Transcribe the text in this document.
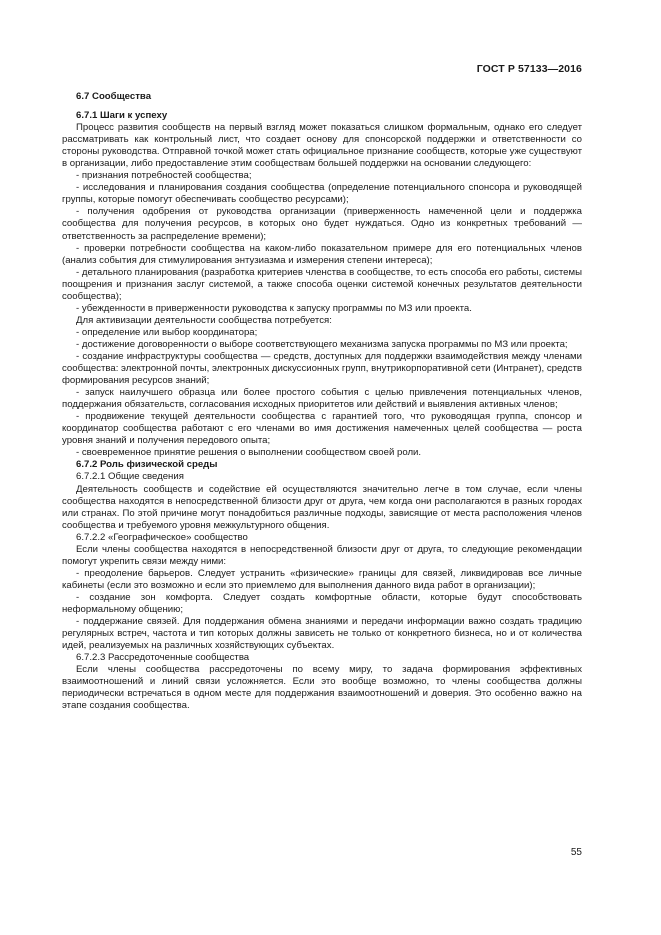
ГОСТ Р 57133—2016

6.7 Сообщества

6.7.1 Шаги к успеху

Процесс развития сообществ на первый взгляд может показаться слишком формальным, однако его следует рассматривать как контрольный лист, что создает основу для спонсорской поддержки и ответственности со стороны руководства. Отправной точкой может стать официальное признание сообществ, которые уже существуют в организации, либо предоставление этим сообществам большей поддержки на основании следующего:

- признания потребностей сообщества;

- исследования и планирования создания сообщества (определение потенциального спонсора и руководящей группы, которые помогут обеспечивать сообщество ресурсами);

- получения одобрения от руководства организации (приверженность намеченной цели и поддержка сообщества для получения ресурсов, в которых оно будет нуждаться. Одно из конкретных требований — ответственность за распределение времени);

- проверки потребности сообщества на каком-либо показательном примере для его потенциальных членов (анализ события для стимулирования энтузиазма и измерения степени интереса);

- детального планирования (разработка критериев членства в сообществе, то есть способа его работы, системы поощрения и признания заслуг системой, а также способа оценки системой конечных результатов деятельности сообщества);

- убежденности в приверженности руководства к запуску программы по МЗ или проекта.

Для активизации деятельности сообщества потребуется:

- определение или выбор координатора;

- достижение договоренности о выборе соответствующего механизма запуска программы по МЗ или проекта;

- создание инфраструктуры сообщества — средств, доступных для поддержки взаимодействия между членами сообщества: электронной почты, электронных дискуссионных групп, внутрикорпоративной сети (Интранет), средств формирования ресурсов знаний;

- запуск наилучшего образца или более простого события с целью привлечения потенциальных членов, поддержания обязательств, согласования исходных приоритетов или действий и выявления активных членов;

- продвижение текущей деятельности сообщества с гарантией того, что руководящая группа, спонсор и координатор сообщества работают с его членами во имя достижения намеченных целей сообщества — роста уровня знаний и получения передового опыта;

- своевременное принятие решения о выполнении сообществом своей роли.

6.7.2 Роль физической среды

6.7.2.1 Общие сведения

Деятельность сообществ и содействие ей осуществляются значительно легче в том случае, если члены сообщества находятся в непосредственной близости друг от друга, чем когда они располагаются в разных городах или странах. По этой причине могут понадобиться различные подходы, зависящие от места расположения членов сообщества и требуемого уровня межкультурного общения.

6.7.2.2 «Географическое» сообщество

Если члены сообщества находятся в непосредственной близости друг от друга, то следующие рекомендации помогут укрепить связи между ними:

- преодоление барьеров. Следует устранить «физические» границы для связей, ликвидировав все личные кабинеты (если это возможно и если это приемлемо для выполнения данного вида работ в организации);

- создание зон комфорта. Следует создать комфортные области, которые будут способствовать неформальному общению;

- поддержание связей. Для поддержания обмена знаниями и передачи информации важно создать традицию регулярных встреч, частота и тип которых должны зависеть не только от конкретного бизнеса, но и от количества идей, реализуемых на различных хозяйствующих субъектах.

6.7.2.3 Рассредоточенные сообщества

Если члены сообщества рассредоточены по всему миру, то задача формирования эффективных взаимоотношений и линий связи усложняется. Если это вообще возможно, то члены сообщества должны периодически встречаться в одном месте для поддержания взаимоотношений и доверия. Это особенно важно на этапе создания сообщества.

55
